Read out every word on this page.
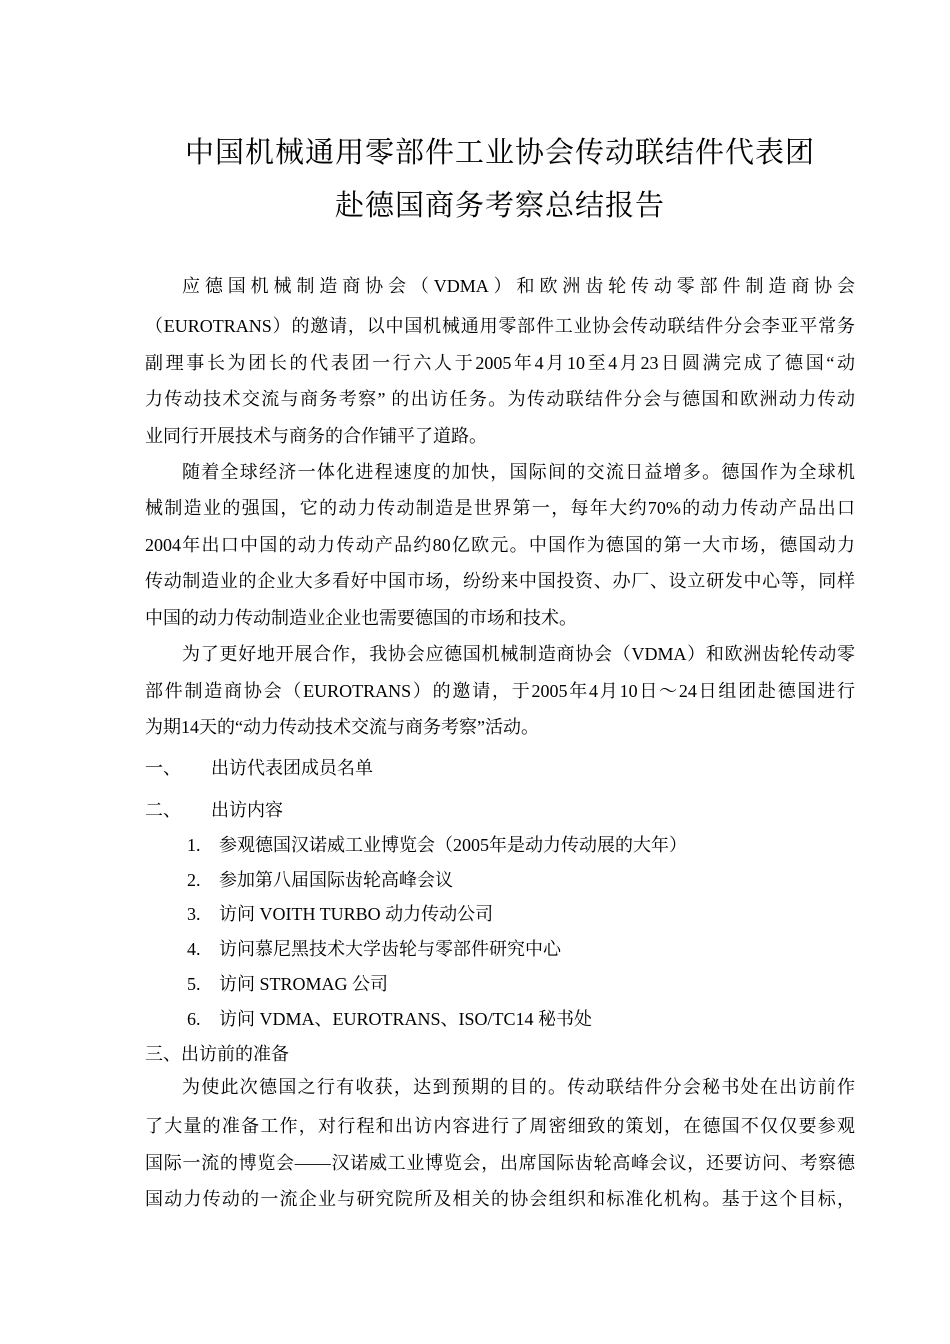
中国机械通用零部件工业协会传动联结件代表团
赴德国商务考察总结报告

应德国机械制造商协会（VDMA）和欧洲齿轮传动零部件制造商协会

（EUROTRANS）的邀请，以中国机械通用零部件工业协会传动联结件分会李亚平常务

副理事长为团长的代表团一行六人于2005年4月10至4月23日圆满完成了德国“动

力传动技术交流与商务考察” 的出访任务。为传动联结件分会与德国和欧洲动力传动

业同行开展技术与商务的合作铺平了道路。

随着全球经济一体化进程速度的加快，国际间的交流日益增多。德国作为全球机

械制造业的强国，它的动力传动制造是世界第一，每年大约70%的动力传动产品出口

2004年出口中国的动力传动产品约80亿欧元。中国作为德国的第一大市场，德国动力

传动制造业的企业大多看好中国市场，纷纷来中国投资、办厂、设立研发中心等，同样

中国的动力传动制造业企业也需要德国的市场和技术。

为了更好地开展合作，我协会应德国机械制造商协会（VDMA）和欧洲齿轮传动零

部件制造商协会（EUROTRANS）的邀请，于2005年4月10日～24日组团赴德国进行

为期14天的“动力传动技术交流与商务考察”活动。

一、 出访代表团成员名单

二、 出访内容

1. 参观德国汉诺威工业博览会（2005年是动力传动展的大年）

2. 参加第八届国际齿轮高峰会议

3. 访问 VOITH TURBO 动力传动公司

4. 访问慕尼黑技术大学齿轮与零部件研究中心

5. 访问 STROMAG 公司

6. 访问 VDMA、EUROTRANS、ISO/TC14 秘书处

三、出访前的准备

为使此次德国之行有收获，达到预期的目的。传动联结件分会秘书处在出访前作

了大量的准备工作，对行程和出访内容进行了周密细致的策划，在德国不仅仅要参观

国际一流的博览会——汉诺威工业博览会，出席国际齿轮高峰会议，还要访问、考察德

国动力传动的一流企业与研究院所及相关的协会组织和标准化机构。基于这个目标，
